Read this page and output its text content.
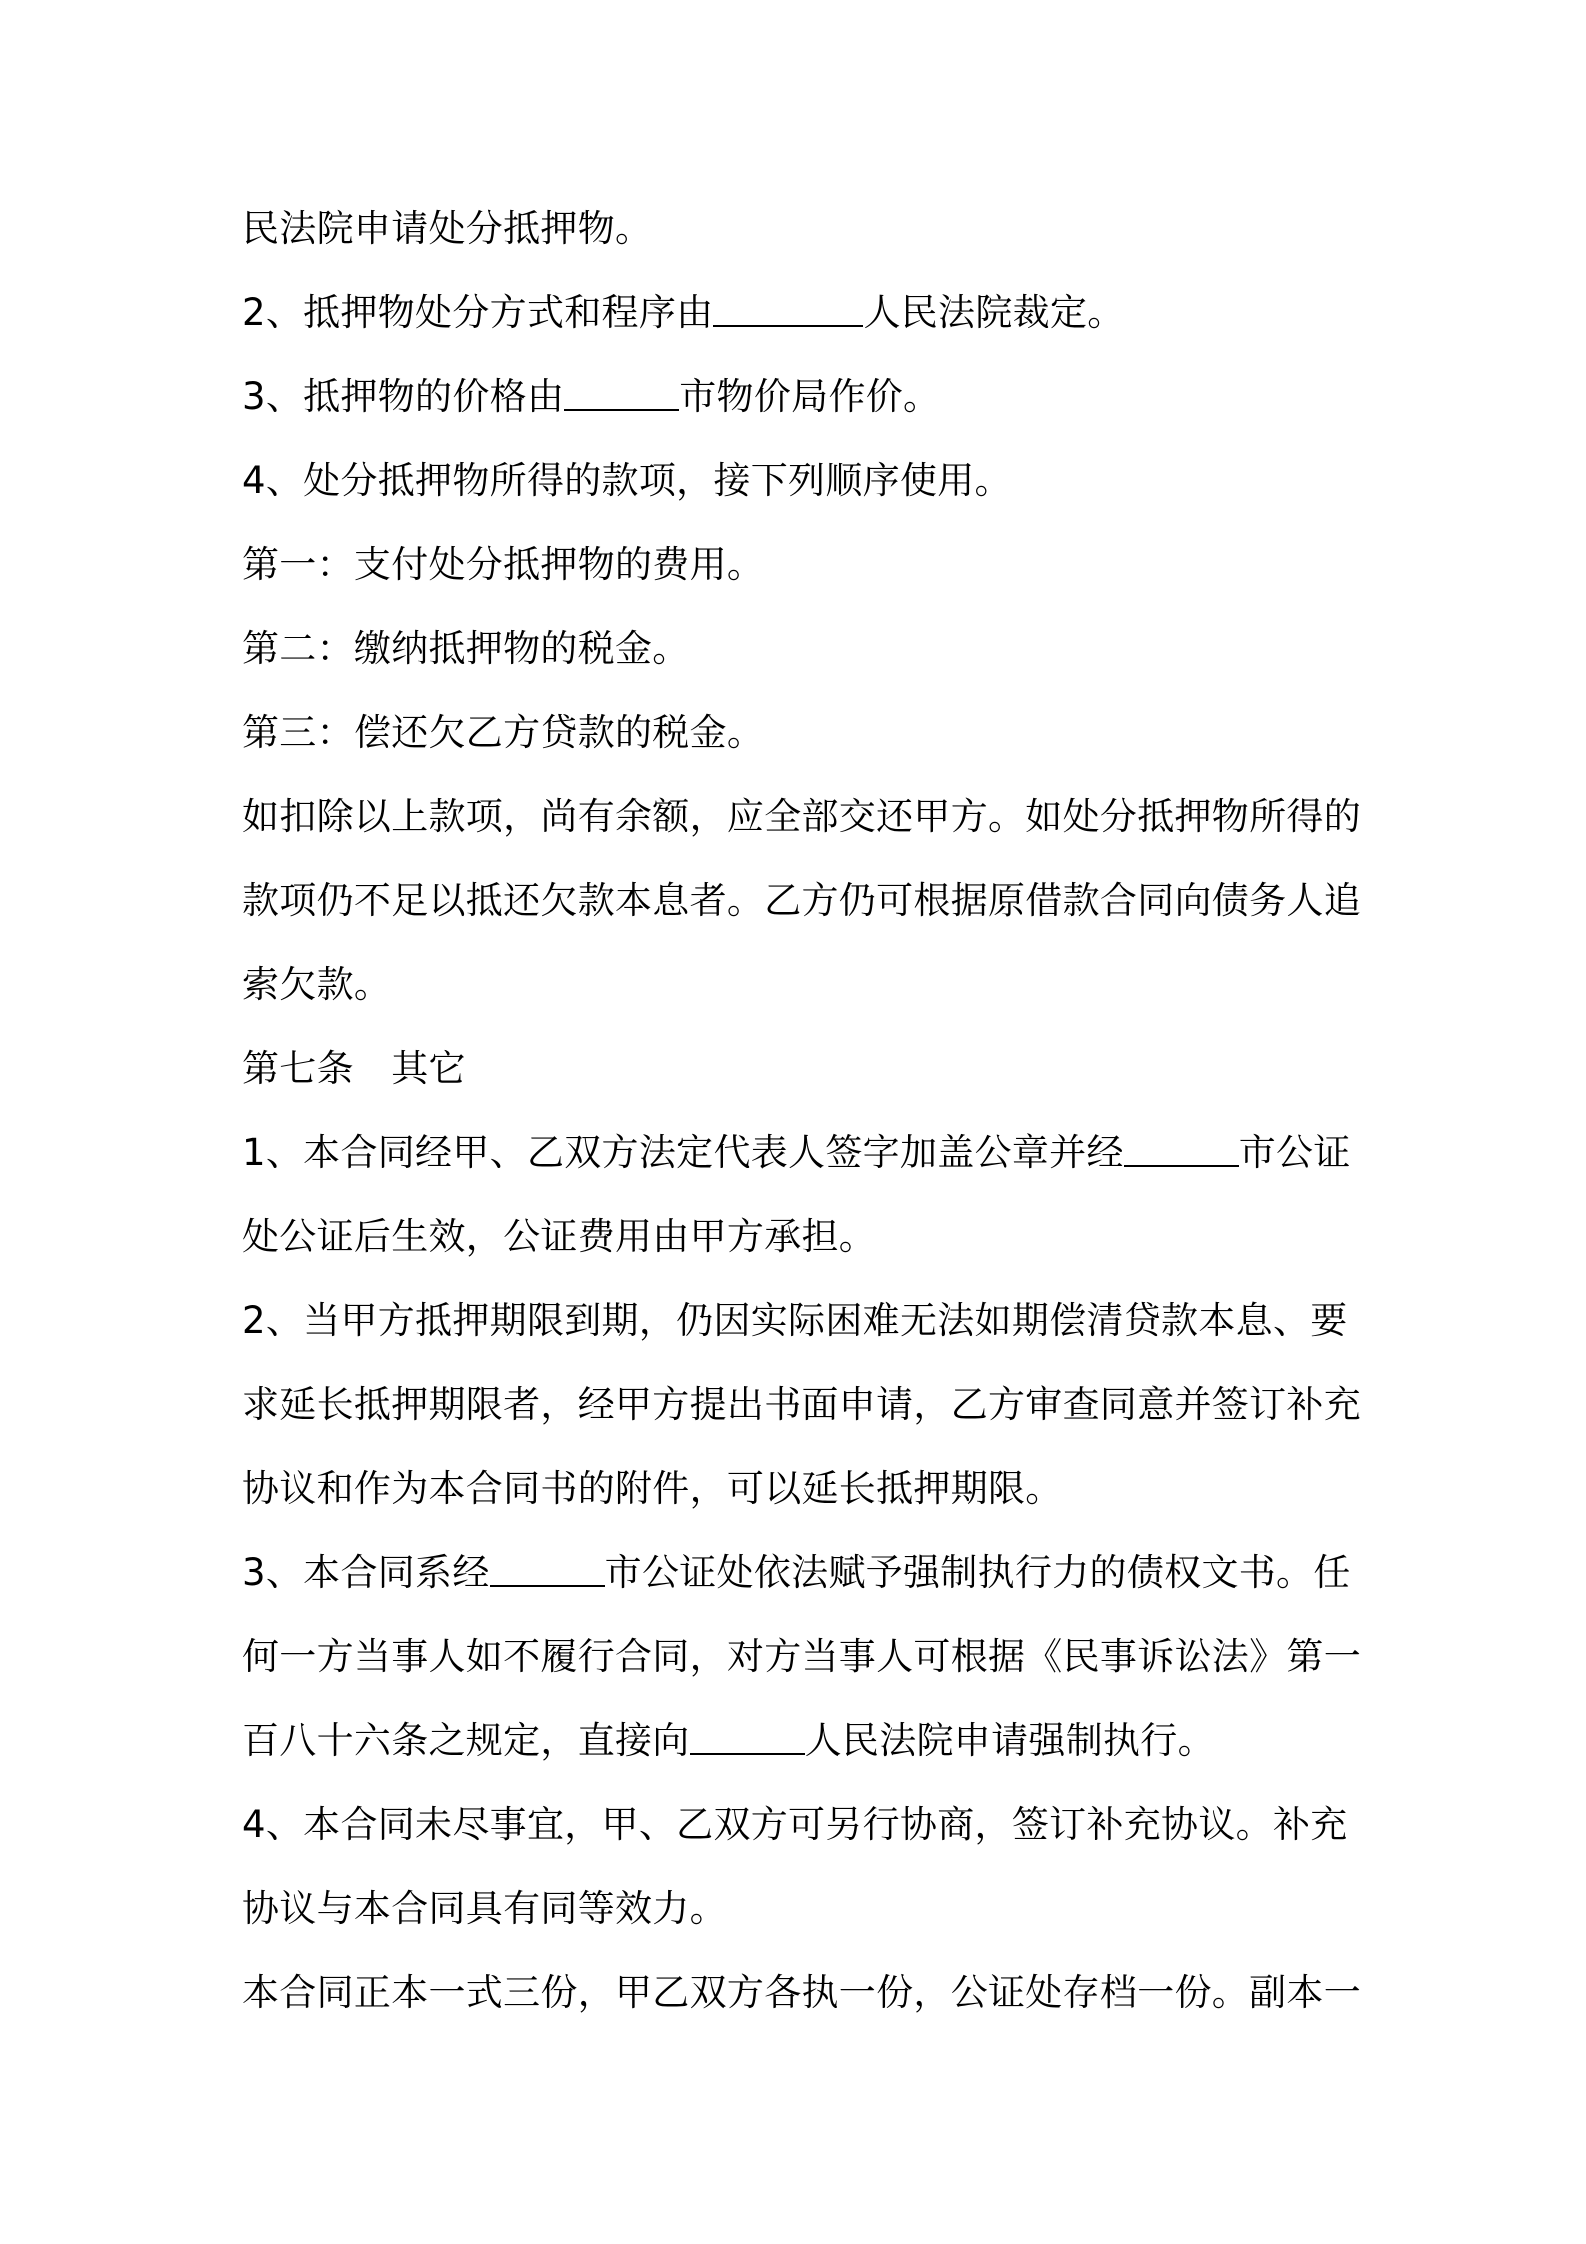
民法院申请处分抵押物。
2、抵押物处分方式和程序由	人民法院裁定。
3、抵押物的价格由	市物价局作价。
4、处分抵押物所得的款项，接下列顺序使用。
第一：支付处分抵押物的费用。
第二：缴纳抵押物的税金。
第三：偿还欠乙方贷款的税金。
如扣除以上款项，尚有余额，应全部交还甲方。如处分抵押物所得的
款项仍不足以抵还欠款本息者。乙方仍可根据原借款合同向债务人追
索欠款。
第七条　其它
1、本合同经甲、乙双方法定代表人签字加盖公章并经	市公证
处公证后生效，公证费用由甲方承担。
2、当甲方抵押期限到期，仍因实际困难无法如期偿清贷款本息、要
求延长抵押期限者，经甲方提出书面申请，乙方审查同意并签订补充
协议和作为本合同书的附件，可以延长抵押期限。
3、本合同系经	市公证处依法赋予强制执行力的债权文书。任
何一方当事人如不履行合同，对方当事人可根据《民事诉讼法》第一
百八十六条之规定，直接向	人民法院申请强制执行。
4、本合同未尽事宜，甲、乙双方可另行协商，签订补充协议。补充
协议与本合同具有同等效力。
本合同正本一式三份，甲乙双方各执一份，公证处存档一份。副本一
